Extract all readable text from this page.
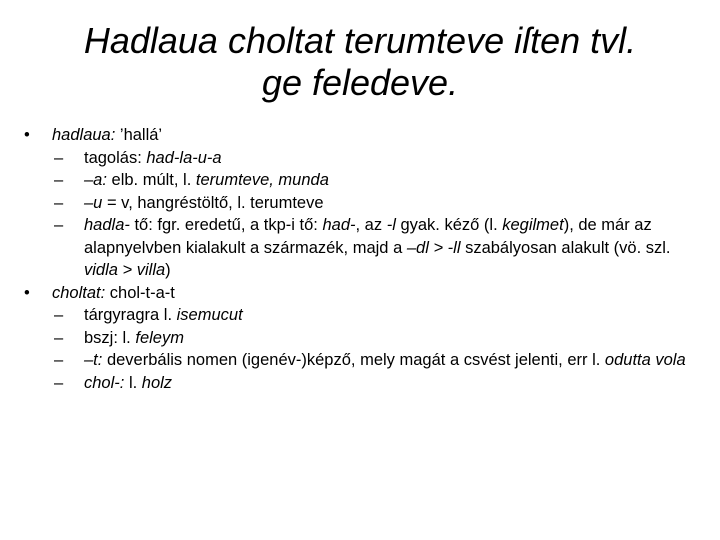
Hadlaua choltat terumteve iſten tvl.
ge feledeve.
•	hadlaua: ’hallá’
–	tagolás: had-la-u-a
–	–a: elb. múlt, l. terumteve, munda
–	–u = v, hangréstöltő, l. terumteve
–	hadla- tő: fgr. eredetű, a tkp-i tő: had-, az -l gyak. kéző (l. kegilmet), de már az alapnyelvben kialakult a származék, majd a –dl > -ll szabályosan alakult (vö. szl. vidla > villa)
•	choltat: chol-t-a-t
–	tárgyragra l. isemucut
–	bszj: l. feleym
–	–t: deverbális nomen (igenév-)képző, mely magát a csvést jelenti, err l. odutta vola
–	chol-: l. holz
